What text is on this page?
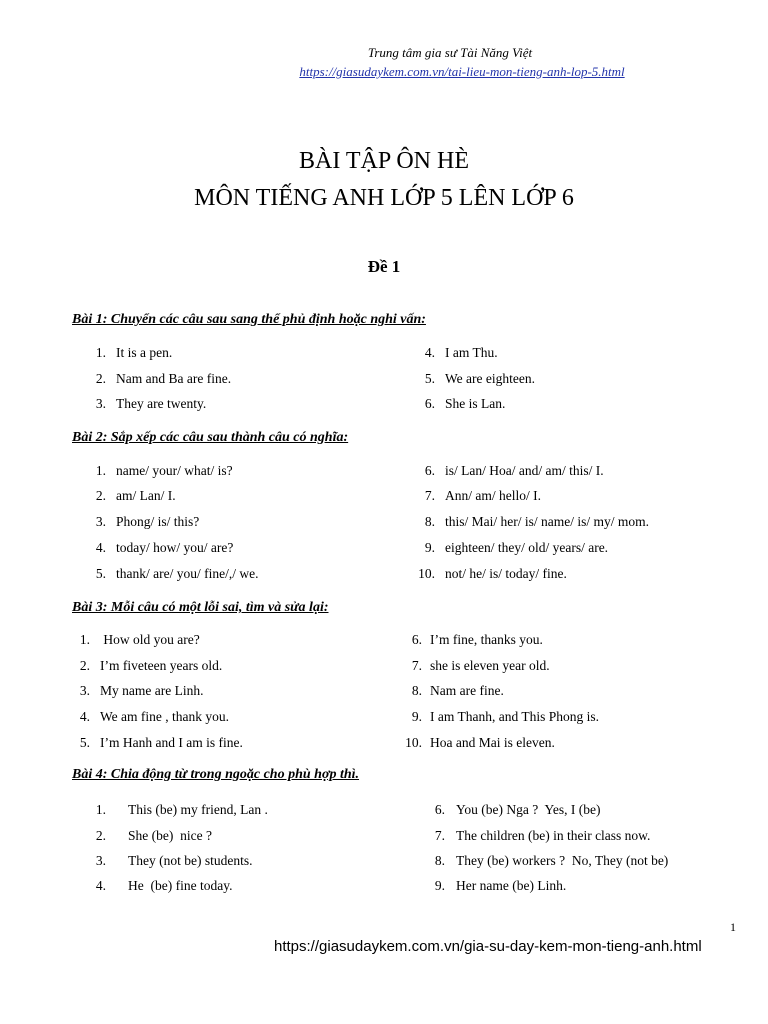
Trung tâm gia sư Tài Năng Việt
https://giasudaykem.com.vn/tai-lieu-mon-tieng-anh-lop-5.html
BÀI TẬP ÔN HÈ
MÔN TIẾNG ANH LỚP 5 LÊN LỚP 6
Đề 1
Bài 1: Chuyển các câu sau sang thể phủ định hoặc nghi vấn:
1. It is a pen.
2. Nam and Ba are fine.
3. They are twenty.
4. I am Thu.
5. We are eighteen.
6. She is Lan.
Bài 2: Sắp xếp các câu sau thành câu có nghĩa:
1. name/ your/ what/ is?
2. am/ Lan/ I.
3. Phong/ is/ this?
4. today/ how/ you/ are?
5. thank/ are/ you/ fine/,/ we.
6. is/ Lan/ Hoa/ and/ am/ this/ I.
7. Ann/ am/ hello/ I.
8. this/ Mai/ her/ is/ name/ is/ my/ mom.
9. eighteen/ they/ old/ years/ are.
10. not/ he/ is/ today/ fine.
Bài 3: Mỗi câu có một lỗi sai, tìm và sửa lại:
1. How old you are?
2. I’m fiveteen years old.
3. My name are Linh.
4. We am fine , thank you.
5. I’m Hanh and I am is fine.
6. I’m fine, thanks you.
7. she is eleven year old.
8. Nam are fine.
9. I am Thanh, and This Phong is.
10. Hoa and Mai is eleven.
Bài 4: Chia động từ trong ngoặc cho phù hợp thì.
1. This (be) my friend, Lan .
2. She (be)  nice ?
3. They (not be) students.
4. He  (be) fine today.
6. You (be) Nga ?  Yes, I (be)
7. The children (be) in their class now.
8. They (be) workers ?  No, They (not be)
9. Her name (be) Linh.
1
https://giasudaykem.com.vn/gia-su-day-kem-mon-tieng-anh.html
